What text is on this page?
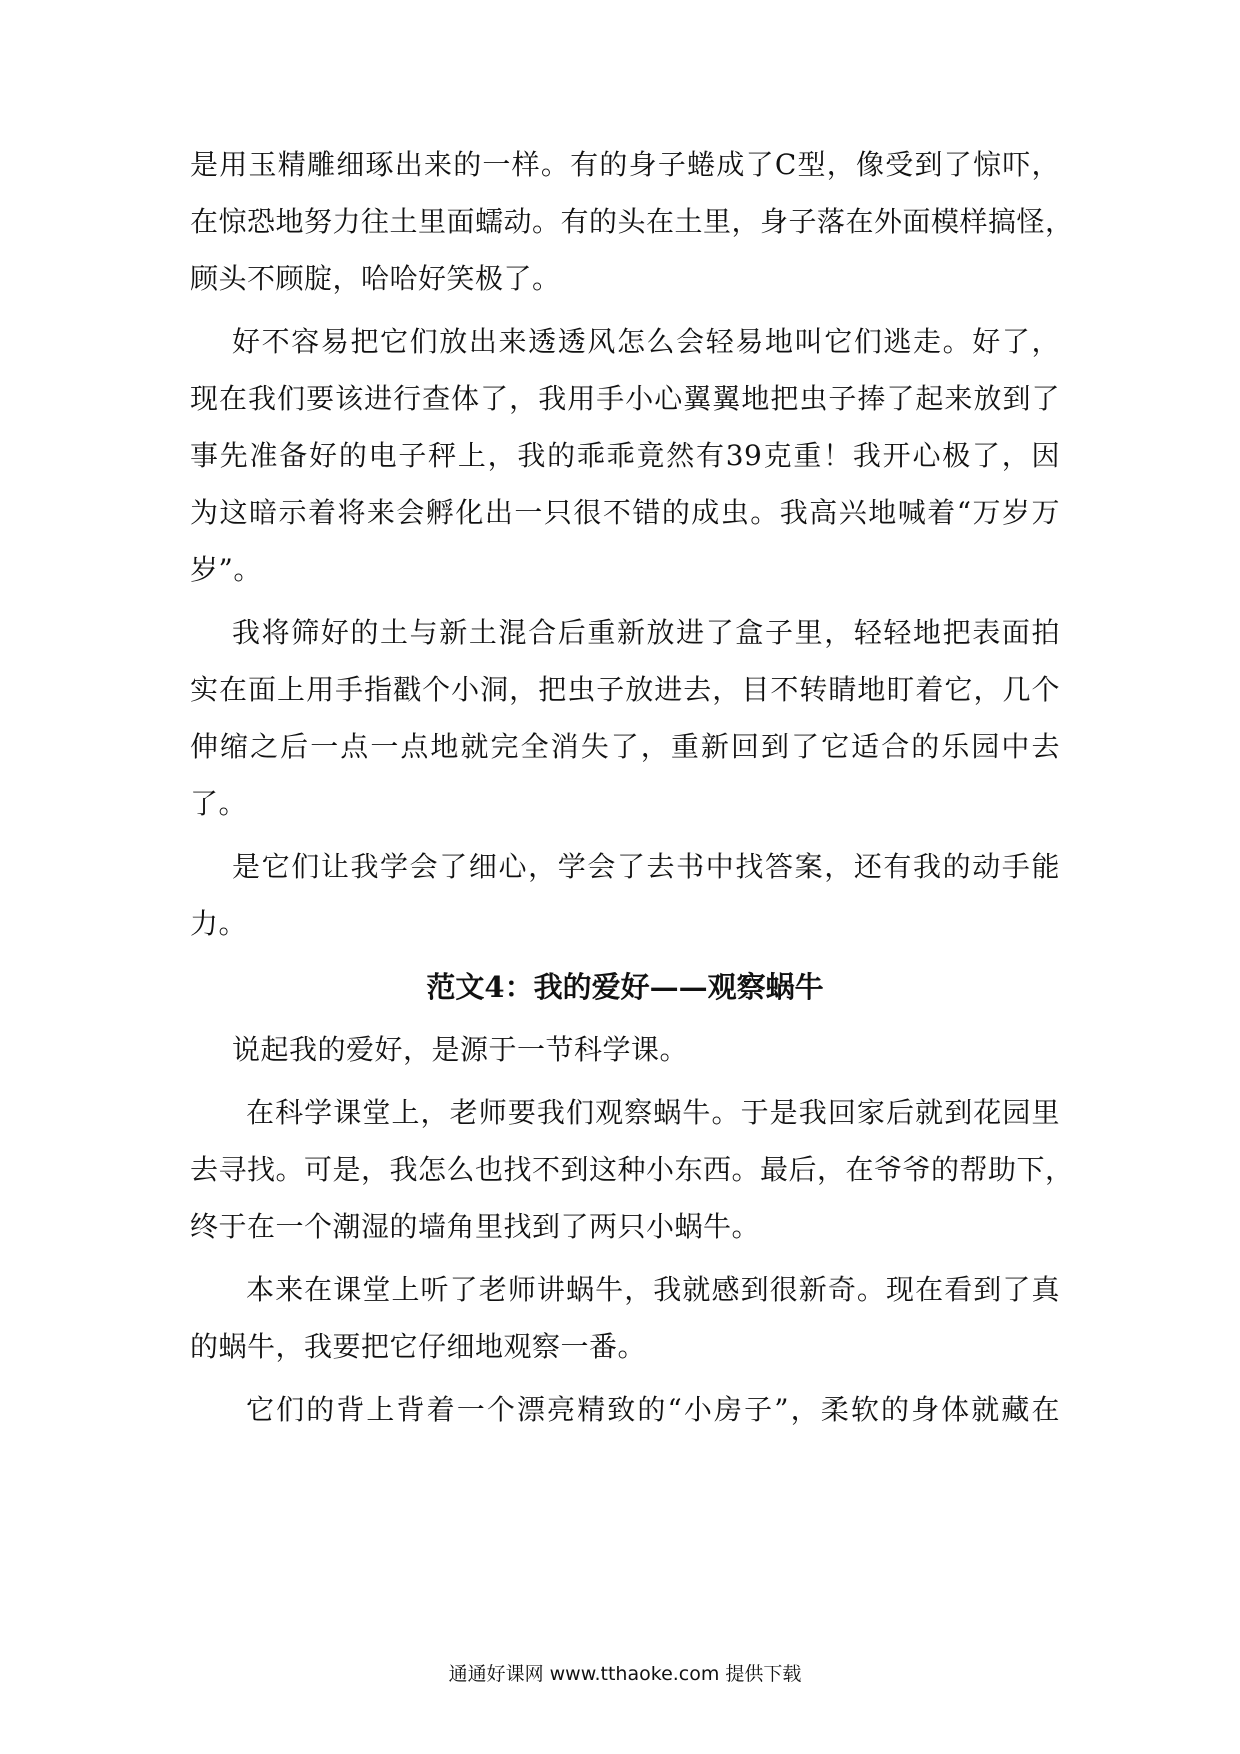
是用玉精雕细琢出来的一样。有的身子蜷成了C型，像受到了惊吓，
在惊恐地努力往土里面蠕动。有的头在土里，身子落在外面模样搞怪，
顾头不顾腚，哈哈好笑极了。
好不容易把它们放出来透透风怎么会轻易地叫它们逃走。好了，
现在我们要该进行查体了，我用手小心翼翼地把虫子捧了起来放到了
事先准备好的电子秤上，我的乖乖竟然有39克重！我开心极了，因
为这暗示着将来会孵化出一只很不错的成虫。我高兴地喊着“万岁万
岁”。
我将筛好的土与新土混合后重新放进了盒子里，轻轻地把表面拍
实在面上用手指戳个小洞，把虫子放进去，目不转睛地盯着它，几个
伸缩之后一点一点地就完全消失了，重新回到了它适合的乐园中去
了。
是它们让我学会了细心，学会了去书中找答案，还有我的动手能
力。
范文4：我的爱好——观察蜗牛
说起我的爱好，是源于一节科学课。
在科学课堂上，老师要我们观察蜗牛。于是我回家后就到花园里
去寻找。可是，我怎么也找不到这种小东西。最后，在爷爷的帮助下，
终于在一个潮湿的墙角里找到了两只小蜗牛。
本来在课堂上听了老师讲蜗牛，我就感到很新奇。现在看到了真
的蜗牛，我要把它仔细地观察一番。
它们的背上背着一个漂亮精致的“小房子”，柔软的身体就藏在
通通好课网 www.tthaoke.com 提供下载
